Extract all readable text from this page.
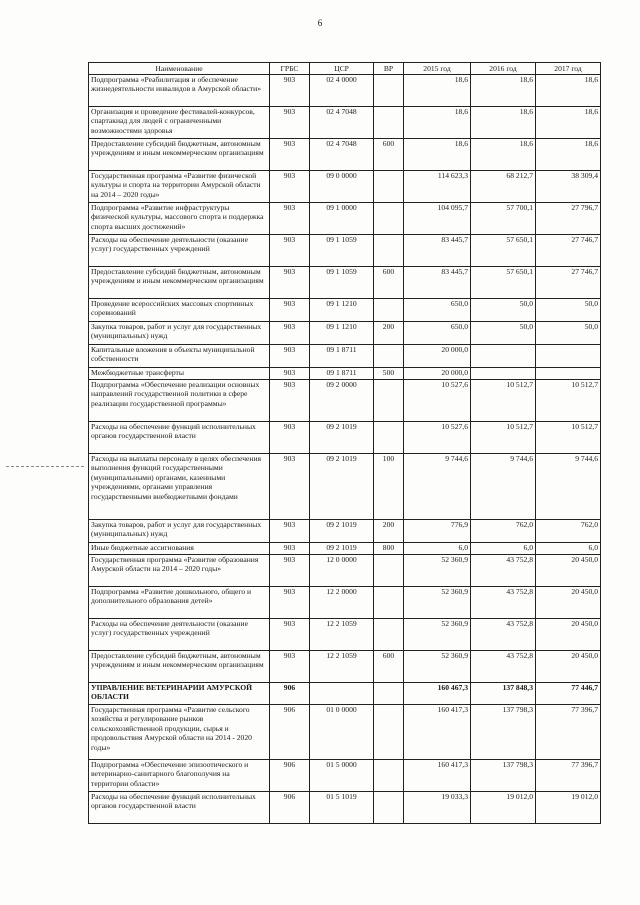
6
Наименование	ГРБС	ЦСР	ВР	2015 год	2016 год	2017 год
Подпрограмма «Реабилитация и обеспечение жизнедеятельности инвалидов в Амурской области»	903	02 4 0000		18,6	18,6	18,6
Организация и проведение фестивалей-конкурсов, спартакиад для людей с ограниченными возможностями здоровья	903	02 4 7048		18,6	18,6	18,6
Предоставление субсидий бюджетным, автономным учреждениям и иным некоммерческим организациям	903	02 4 7048	600	18,6	18,6	18,6
Государственная программа «Развитие физической культуры и спорта на территории Амурской области на 2014 – 2020 годы»	903	09 0 0000		114 623,3	68 212,7	38 309,4
Подпрограмма «Развитие инфраструктуры физической культуры, массового спорта и поддержка спорта высших достижений»	903	09 1 0000		104 095,7	57 700,1	27 796,7
Расходы на обеспечение деятельности (оказание услуг) государственных учреждений	903	09 1 1059		83 445,7	57 650,1	27 746,7
Предоставление субсидий бюджетным, автономным учреждениям и иным некоммерческим организациям	903	09 1 1059	600	83 445,7	57 650,1	27 746,7
Проведение всероссийских массовых спортивных соревнований	903	09 1 1210		650,0	50,0	50,0
Закупка товаров, работ и услуг для государственных (муниципальных) нужд	903	09 1 1210	200	650,0	50,0	50,0
Капитальные вложения в объекты муниципальной собственности	903	09 1 8711		20 000,0		
Межбюджетные трансферты	903	09 1 8711	500	20 000,0		
Подпрограмма «Обеспечение реализации основных направлений государственной политики в сфере реализации государственной программы»	903	09 2 0000		10 527,6	10 512,7	10 512,7
Расходы на обеспечение функций исполнительных органов государственной власти	903	09 2 1019		10 527,6	10 512,7	10 512,7
Расходы на выплаты персоналу в целях обеспечения выполнения функций государственными (муниципальными) органами, казенными учреждениями, органами управления государственными внебюджетными фондами	903	09 2 1019	100	9 744,6	9 744,6	9 744,6
Закупка товаров, работ и услуг для государственных (муниципальных) нужд	903	09 2 1019	200	776,9	762,0	762,0
Иные бюджетные ассигнования	903	09 2 1019	800	6,0	6,0	6,0
Государственная программа «Развитие образования Амурской области на 2014 – 2020 годы»	903	12 0 0000		52 360,9	43 752,8	20 450,0
Подпрограмма «Развитие дошкольного, общего и дополнительного образования детей»	903	12 2 0000		52 360,9	43 752,8	20 450,0
Расходы на обеспечение деятельности (оказание услуг) государственных учреждений	903	12 2 1059		52 360,9	43 752,8	20 450,0
Предоставление субсидий бюджетным, автономным учреждениям и иным некоммерческим организациям	903	12 2 1059	600	52 360,9	43 752,8	20 450,0
УПРАВЛЕНИЕ ВЕТЕРИНАРИИ АМУРСКОЙ ОБЛАСТИ	906			160 467,3	137 848,3	77 446,7
Государственная программа «Развитие сельского хозяйства и регулирование рынков сельскохозяйственной продукции, сырья и продовольствия Амурской области на 2014 - 2020 годы»	906	01 0 0000		160 417,3	137 798,3	77 396,7
Подпрограмма «Обеспечение эпизоотического и ветеринарно-санитарного благополучия на территории области»	906	01 5 0000		160 417,3	137 798,3	77 396,7
Расходы на обеспечение функций исполнительных органов государственной власти	906	01 5 1019		19 033,3	19 012,0	19 012,0
